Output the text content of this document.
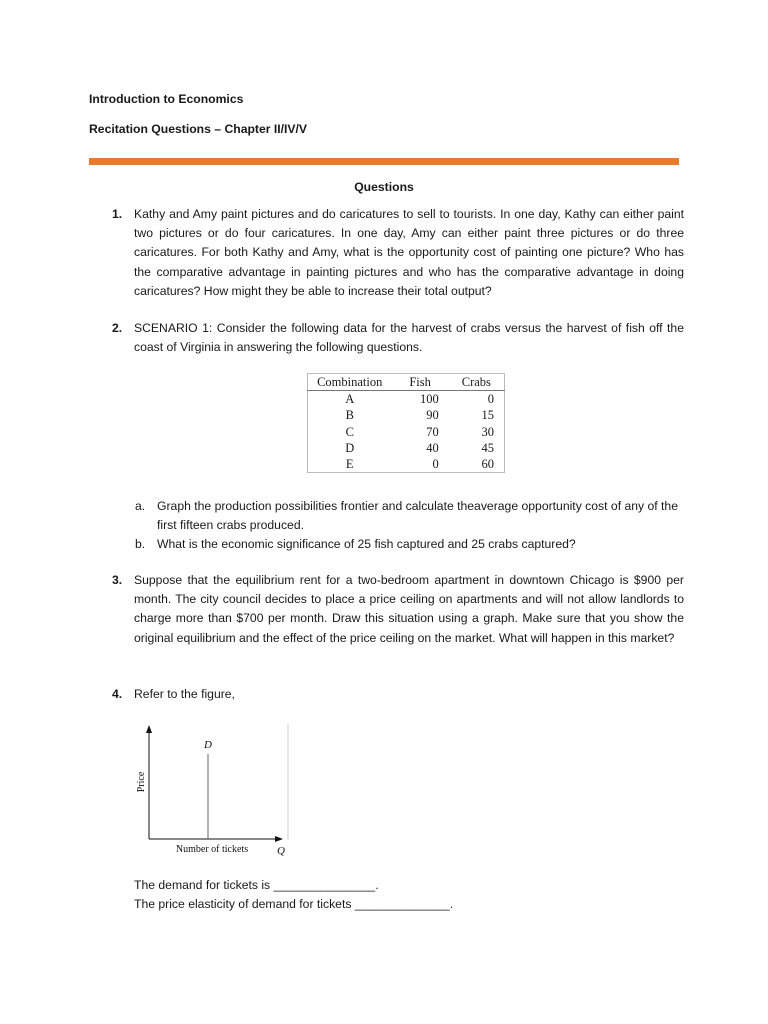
Introduction to Economics
Recitation Questions – Chapter II/IV/V
Questions
1. Kathy and Amy paint pictures and do caricatures to sell to tourists. In one day, Kathy can either paint two pictures or do four caricatures. In one day, Amy can either paint three pictures or do three caricatures. For both Kathy and Amy, what is the opportunity cost of painting one picture? Who has the comparative advantage in painting pictures and who has the comparative advantage in doing caricatures? How might they be able to increase their total output?
2. SCENARIO 1: Consider the following data for the harvest of crabs versus the harvest of fish off the coast of Virginia in answering the following questions.
Combination	Fish	Crabs
A	100	0
B	90	15
C	70	30
D	40	45
E	0	60
a. Graph the production possibilities frontier and calculate theaverage opportunity cost of any of the first fifteen crabs produced.
b. What is the economic significance of 25 fish captured and 25 crabs captured?
3. Suppose that the equilibrium rent for a two-bedroom apartment in downtown Chicago is $900 per month. The city council decides to place a price ceiling on apartments and will not allow landlords to charge more than $700 per month. Draw this situation using a graph. Make sure that you show the original equilibrium and the effect of the price ceiling on the market. What will happen in this market?
4. Refer to the figure,
D
Price
Number of tickets	Q
The demand for tickets is _______________.
The price elasticity of demand for tickets ______________.
